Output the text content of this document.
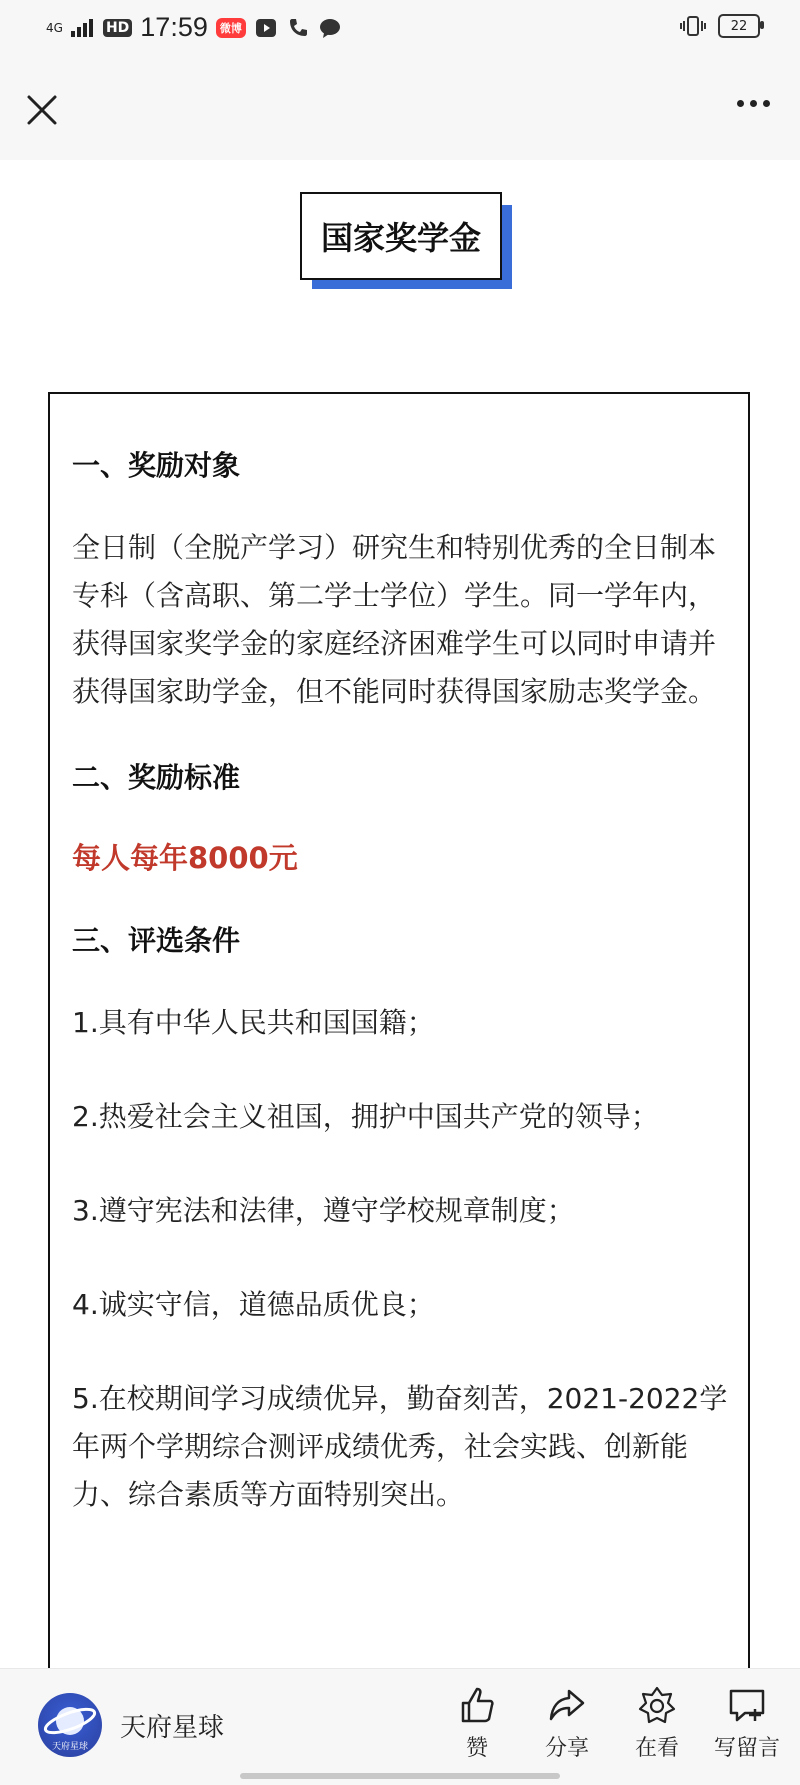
4G	HD 17:59	微博	22
国家奖学金
一、奖励对象
全日制（全脱产学习）研究生和特别优秀的全日制本专科（含高职、第二学士学位）学生。同一学年内，获得国家奖学金的家庭经济困难学生可以同时申请并获得国家助学金，但不能同时获得国家励志奖学金。
二、奖励标准
每人每年8000元
三、评选条件
1.具有中华人民共和国国籍；
2.热爱社会主义祖国，拥护中国共产党的领导；
3.遵守宪法和法律，遵守学校规章制度；
4.诚实守信，道德品质优良；
5.在校期间学习成绩优异，勤奋刻苦，2021-2022学年两个学期综合测评成绩优秀，社会实践、创新能力、综合素质等方面特别突出。
天府星球
天府星球
赞	分享 在看 写留言
